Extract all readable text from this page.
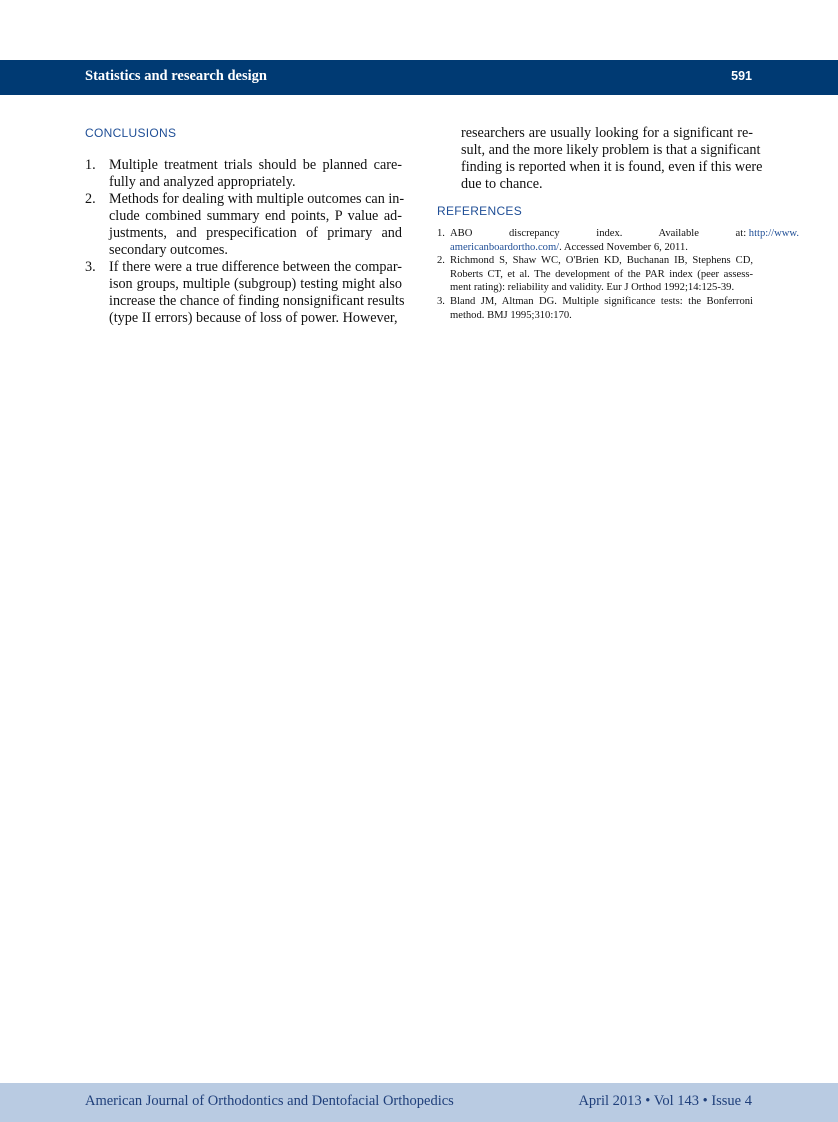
Statistics and research design	591
CONCLUSIONS
1. Multiple treatment trials should be planned care-
fully and analyzed appropriately.
2. Methods for dealing with multiple outcomes can in-
clude combined summary end points, P value ad-
justments, and prespecification of primary and
secondary outcomes.
3. If there were a true difference between the compar-
ison groups, multiple (subgroup) testing might also
increase the chance of finding nonsignificant results
(type II errors) because of loss of power. However,
researchers are usually looking for a significant re-
sult, and the more likely problem is that a significant
finding is reported when it is found, even if this were
due to chance.
REFERENCES
1. ABO discrepancy index. Available at: http://www.
americanboardortho.com/. Accessed November 6, 2011.
2. Richmond S, Shaw WC, O'Brien KD, Buchanan IB, Stephens CD,
Roberts CT, et al. The development of the PAR index (peer assess-
ment rating): reliability and validity. Eur J Orthod 1992;14:125-39.
3. Bland JM, Altman DG. Multiple significance tests: the Bonferroni
method. BMJ 1995;310:170.
American Journal of Orthodontics and Dentofacial Orthopedics	April 2013 • Vol 143 • Issue 4
